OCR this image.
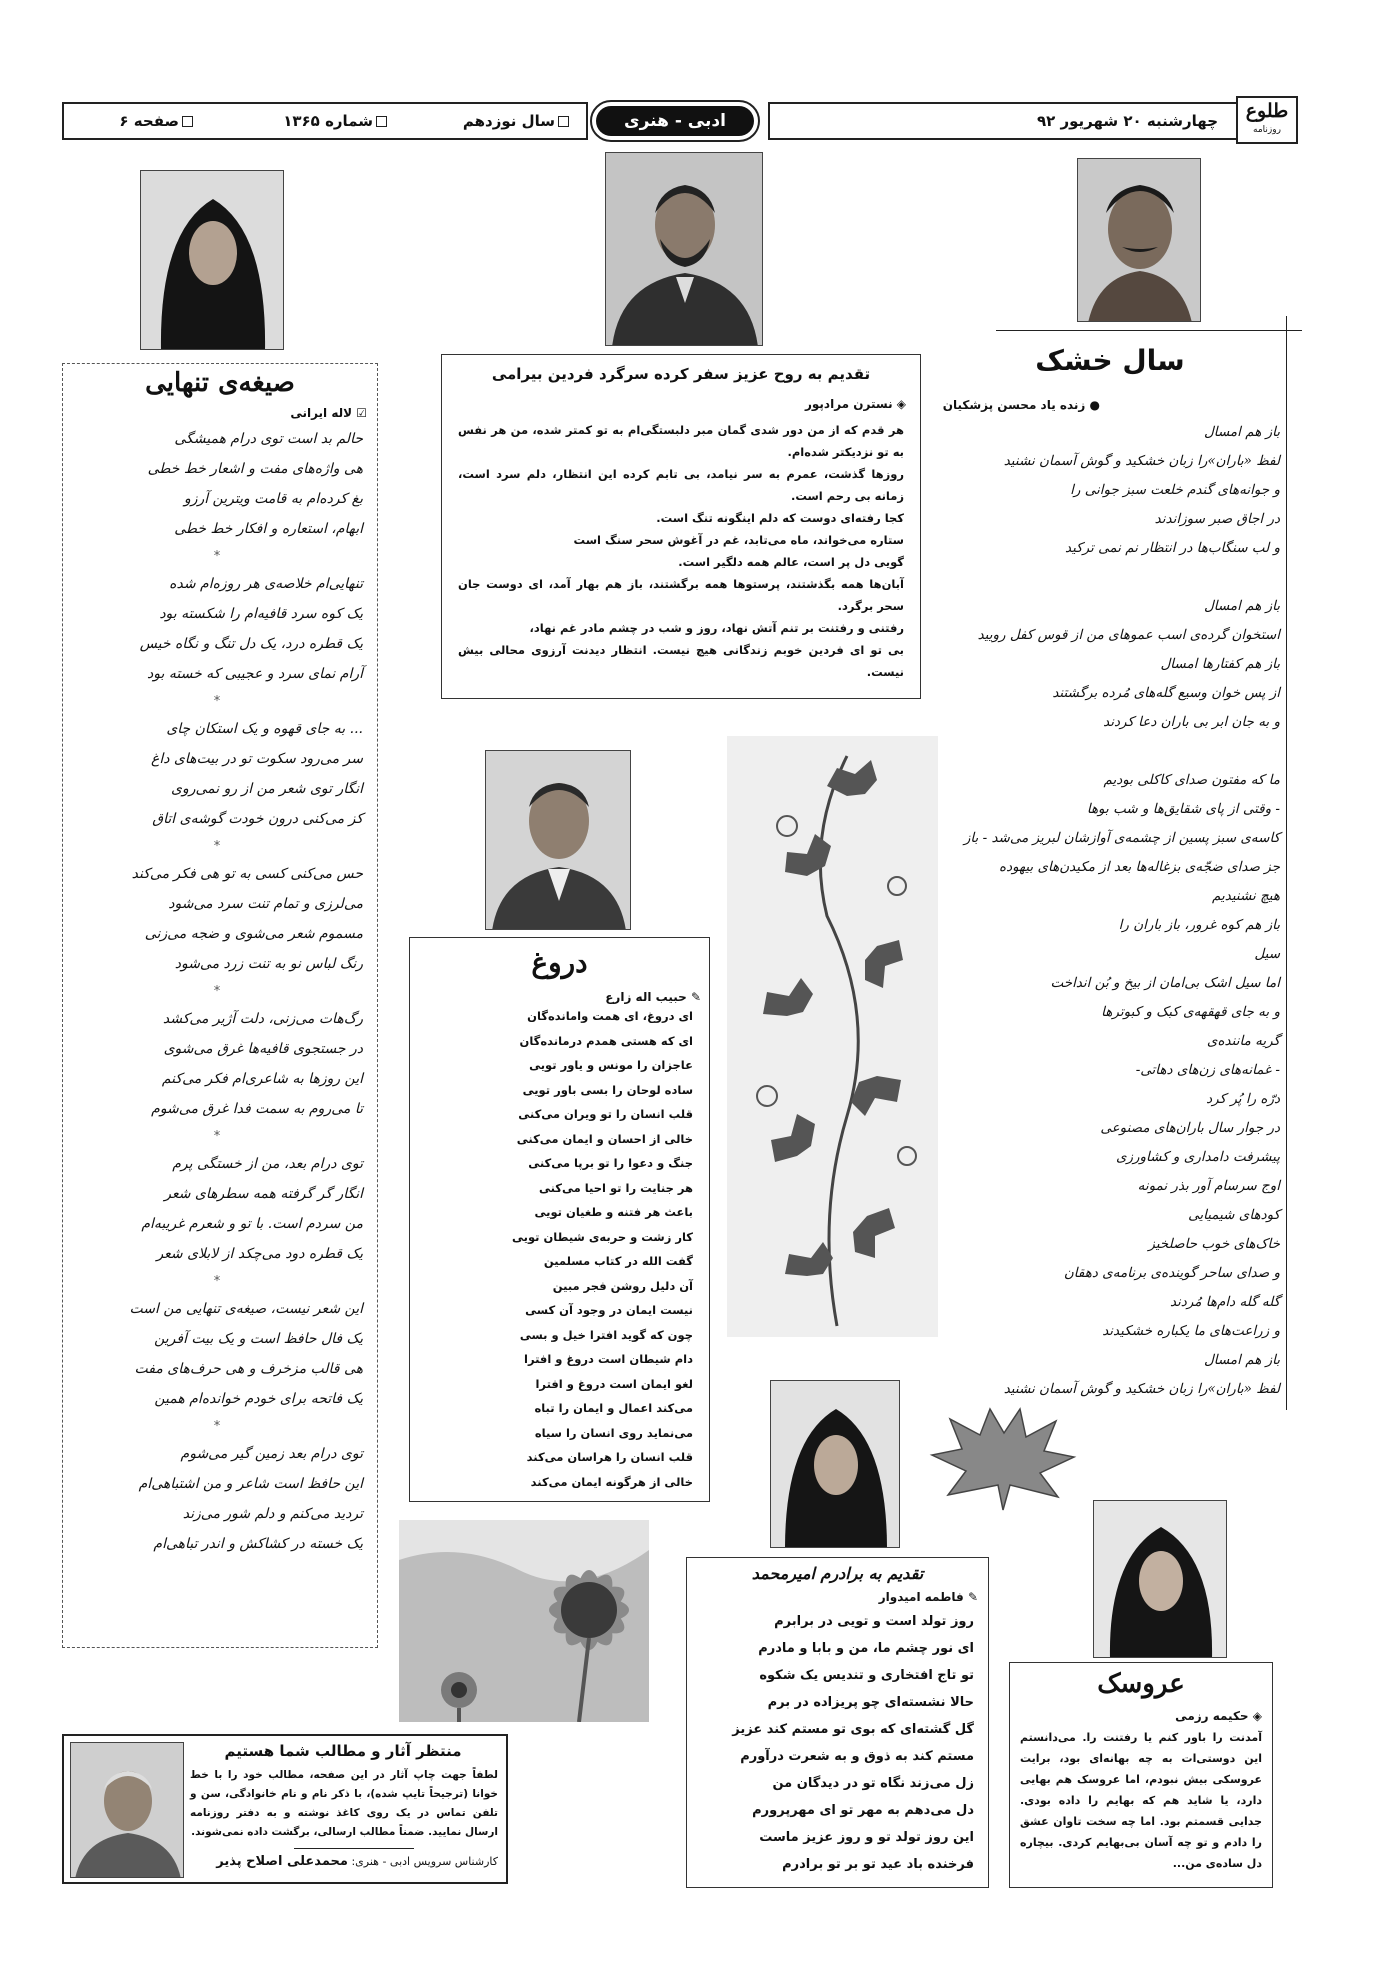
چهارشنبه ۲۰ شهریور ۹۲	طلوع
روزنامه
ادبی - هنری
سال نوزدهم
شماره ۱۳۶۵
صفحه ۶
سال خشک
● زنده یاد محسن پزشکیان
باز هم امسال
لفظ «باران»را زبان خشکید و گوش آسمان نشنید
و جوانه‌های گندم خلعت سبز جوانی را
در اجاق صبر سوزاندند
و لب سنگاب‌ها در انتظار نم نمی ترکید

باز هم امسال
استخوان گرده‌ی اسب عموهای من از قوس کفل رویید
باز هم کفتارها امسال
از پس خوان وسیع گله‌های مُرده برگشتند
و به جان ابر بی باران دعا کردند

ما که مفتون صدای کاکلی بودیم
- وقتی از پای شقایق‌ها و شب بوها
کاسه‌ی سبز پسین از چشمه‌ی آوازشان لبریز می‌شد - باز
جز صدای ضجّه‌ی بزغاله‌ها بعد از مکیدن‌های بیهوده
هیچ نشنیدیم
باز هم کوه غرور، باز باران را
سیل
اما سیل اشک بی‌امان از بیخ و بُن انداخت
و به جای قهقهه‌ی کبک و کبوترها
گریه ماننده‌ی
- غمانه‌های زن‌های دهاتی-
درّه را پُر کرد
در جوار سال باران‌های مصنوعی
پیشرفت دامداری و کشاورزی
اوج سرسام آور بذر نمونه
کودهای شیمیایی
خاک‌های خوب حاصلخیز
و صدای ساحر گوینده‌ی برنامه‌ی دهقان
گله گله دام‌ها مُردند
و زراعت‌های ما یکباره خشکیدند
باز هم امسال
لفظ «باران»را زبان خشکید و گوش آسمان نشنید
تقدیم به روح عزیز سفر کرده سرگرد فردین بیرامی
◈ نسترن مرادپور
هر قدم که از من دور شدی گمان مبر دلبستگی‌ام به تو کمتر شده، من هر نفس به تو نزدیکتر شده‌ام.
روزها گذشت، عمرم به سر نیامد، بی تابم کرده این انتظار، دلم سرد است، زمانه بی رحم است.
کجا رفته‌ای دوست که دلم اینگونه تنگ است.
ستاره می‌خواند، ماه می‌تابد، غم در آغوش سحر سنگ است
گویی دل پر است، عالم همه دلگیر است.
آبان‌ها همه بگذشتند، پرستوها همه برگشتند، باز هم بهار آمد، ای دوست جان سحر برگرد.
رفتنی و رفتنت بر تنم آتش نهاد، روز و شب در چشم مادر غم نهاد،
بی تو ای فردین خوبم زندگانی هیچ نیست. انتظار دیدنت آرزوی محالی بیش نیست.
صیغه‌ی تنهایی
☑ لاله ایرانی
حالم بد است توی درام همیشگی
هی واژه‌های مفت و اشعار خط خطی
بغ کرده‌ام به قامت ویترین آرزو
ابهام، استعاره و افکار خط خطی
*
تنهایی‌ام خلاصه‌ی هر روزه‌ام شده
یک کوه سرد قافیه‌ام را شکسته بود
یک قطره درد، یک دل تنگ و نگاه خیس
آرام نمای سرد و عجیبی که خسته بود
*
... به جای قهوه و یک استکان چای
سر می‌رود سکوت تو در بیت‌های داغ
انگار توی شعر من از رو نمی‌روی
کز می‌کنی درون خودت گوشه‌ی اتاق
*
حس می‌کنی کسی به تو هی فکر می‌کند
می‌لرزی و تمام تنت سرد می‌شود
مسموم شعر می‌شوی و ضجه می‌زنی
رنگ لباس نو به تنت زرد می‌شود
*
رگ‌هات می‌زنی، دلت آژیر می‌کشد
در جستجوی قافیه‌ها غرق می‌شوی
این روزها به شاعری‌ام فکر می‌کنم
تا می‌روم به سمت فدا غرق می‌شوم
*
توی درام بعد، من از خستگی پرم
انگار گر گرفته همه سطرهای شعر
من سردم است. با تو و شعرم غریبه‌ام
یک قطره دود می‌چکد از لابلای شعر
*
این شعر نیست، صیغه‌ی تنهایی من است
یک فال حافظ است و یک بیت آفرین
هی قالب مزخرف و هی حرف‌های مفت
یک فاتحه برای خودم خوانده‌ام همین
*
توی درام بعد زمین گیر می‌شوم
این حافظ است شاعر و من اشتباهی‌ام
تردید می‌کنم و دلم شور می‌زند
یک خسته در کشاکش و اندر تباهی‌ام
دروغ
✎ حبیب اله زارع
ای دروغ، ای همت وامانده‌گان
ای که هستی همدم درمانده‌گان
عاجزان را مونس و یاور تویی
ساده لوحان را بسی باور تویی
قلب انسان را تو ویران می‌کنی
خالی از احسان و ایمان می‌کنی
جنگ و دعوا را تو برپا می‌کنی
هر جنایت را تو احیا می‌کنی
باعث هر فتنه و طغیان تویی
کار زشت و حربه‌ی شیطان تویی
گفت الله در کتاب مسلمین
آن دلیل روشن فجر مبین
نیست ایمان در وجود آن کسی
چون که گوید افترا خیل و بسی
دام شیطان است دروغ و افترا
لغو ایمان است دروغ و افترا
می‌کند اعمال و ایمان را تباه
می‌نماید روی انسان را سیاه
قلب انسان را هراسان می‌کند
خالی از هرگونه ایمان می‌کند
تقدیم به برادرم امیرمحمد
✎ فاطمه امیدوار
روز تولد است و تویی در برابرم
ای نور چشم ما، من و بابا و مادرم
تو تاج افتخاری و تندیس یک شکوه
حالا نشسته‌ای چو پریزاده در برم
گل گشته‌ای که بوی تو مستم کند عزیز
مستم کند به ذوق و به شعرت درآورم
زل می‌زند نگاه تو در دیدگان من
دل می‌دهم به مهر تو ای مهرپرورم
این روز تولد تو و روز عزیز ماست
فرخنده باد عید تو بر تو برادرم
عروسک
◈ حکیمه رزمی
آمدنت را باور کنم یا رفتنت را. می‌دانستم این دوستی‌ات به چه بهانه‌ای بود، برایت عروسکی بیش نبودم، اما عروسک هم بهایی دارد، یا شاید هم که بهایم را داده بودی. جدایی قسمتم بود. اما چه سخت تاوان عشق را دادم و تو چه آسان بی‌بهایم کردی. بیچاره دل ساده‌ی من...
منتظر آثار و مطالب شما هستیم
لطفاً جهت چاپ آثار در این صفحه، مطالب خود را با خط خوانا (ترجیحاً تایپ شده)، با ذکر نام و نام خانوادگی، سن و تلفن تماس در یک روی کاغذ نوشته و به دفتر روزنامه ارسال نمایید. ضمناً مطالب ارسالی، برگشت داده نمی‌شوند.
کارشناس سرویس ادبی - هنری: محمدعلی اصلاح پذیر
